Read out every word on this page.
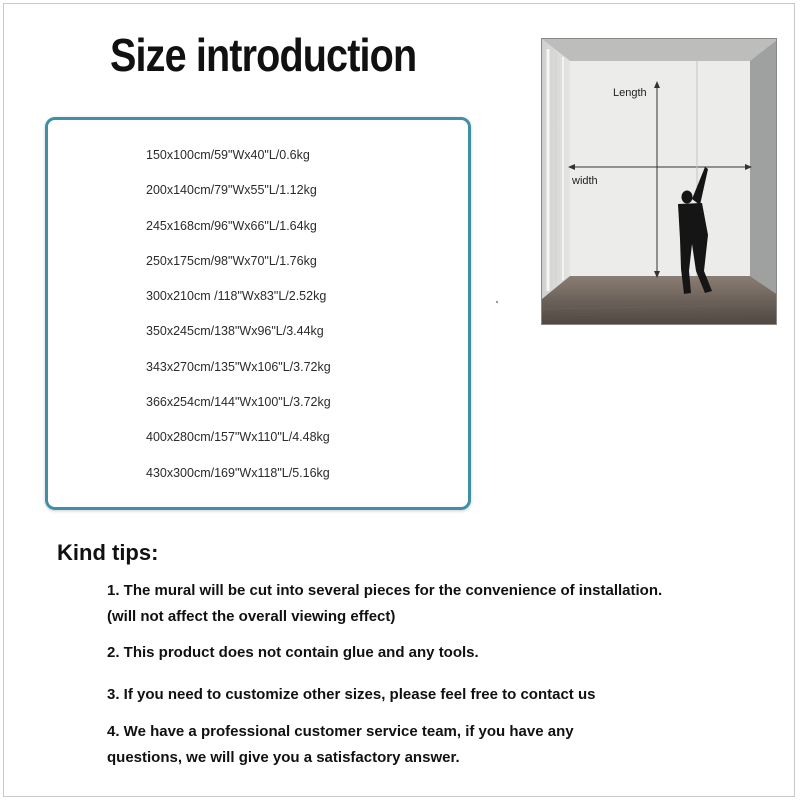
Size introduction
150x100cm/59"Wx40"L/0.6kg
200x140cm/79"Wx55"L/1.12kg
245x168cm/96"Wx66"L/1.64kg
250x175cm/98"Wx70"L/1.76kg
300x210cm /118"Wx83"L/2.52kg
350x245cm/138"Wx96"L/3.44kg
343x270cm/135"Wx106"L/3.72kg
366x254cm/144"Wx100"L/3.72kg
400x280cm/157"Wx110"L/4.48kg
430x300cm/169"Wx118"L/5.16kg
Length
width
Kind tips:
1. The mural will be cut into several pieces for the convenience of installation.
(will not affect the overall viewing effect)
2. This product does not contain glue and any tools.
3. If you need to customize other sizes, please feel free to contact us
4. We have a professional customer service team, if you have any
questions, we will give you a satisfactory answer.
